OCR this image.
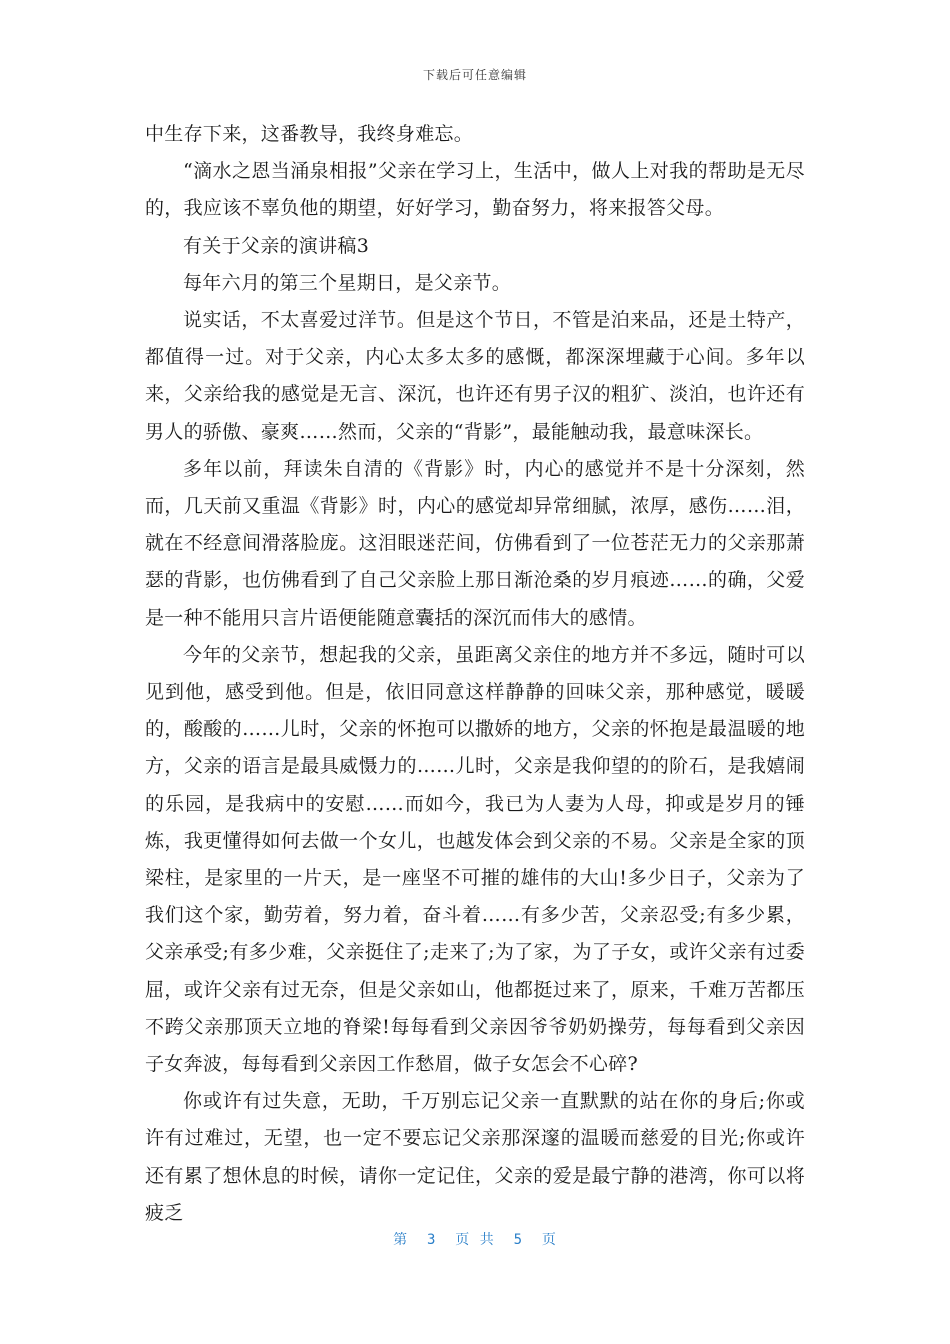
下载后可任意编辑

中生存下来，这番教导，我终身难忘。

“滴水之恩当涌泉相报”父亲在学习上，生活中，做人上对我的帮助是无尽的，我应该不辜负他的期望，好好学习，勤奋努力，将来报答父母。

有关于父亲的演讲稿3

每年六月的第三个星期日，是父亲节。

说实话，不太喜爱过洋节。但是这个节日，不管是泊来品，还是土特产，都值得一过。对于父亲，内心太多太多的感慨，都深深埋藏于心间。多年以来，父亲给我的感觉是无言、深沉，也许还有男子汉的粗犷、淡泊，也许还有男人的骄傲、豪爽……然而，父亲的“背影”，最能触动我，最意味深长。

多年以前，拜读朱自清的《背影》时，内心的感觉并不是十分深刻，然而，几天前又重温《背影》时，内心的感觉却异常细腻，浓厚，感伤……泪，就在不经意间滑落脸庞。这泪眼迷茫间，仿佛看到了一位苍茫无力的父亲那萧瑟的背影，也仿佛看到了自己父亲脸上那日渐沧桑的岁月痕迹……的确，父爱是一种不能用只言片语便能随意囊括的深沉而伟大的感情。

今年的父亲节，想起我的父亲，虽距离父亲住的地方并不多远，随时可以见到他，感受到他。但是，依旧同意这样静静的回味父亲，那种感觉，暖暖的，酸酸的……儿时，父亲的怀抱可以撒娇的地方，父亲的怀抱是最温暖的地方，父亲的语言是最具威慑力的……儿时，父亲是我仰望的的阶石，是我嬉闹的乐园，是我病中的安慰……而如今，我已为人妻为人母，抑或是岁月的锤炼，我更懂得如何去做一个女儿，也越发体会到父亲的不易。父亲是全家的顶梁柱，是家里的一片天，是一座坚不可摧的雄伟的大山!多少日子，父亲为了我们这个家，勤劳着，努力着，奋斗着……有多少苦，父亲忍受;有多少累，父亲承受;有多少难，父亲挺住了;走来了;为了家，为了子女，或许父亲有过委屈，或许父亲有过无奈，但是父亲如山，他都挺过来了，原来，千难万苦都压不跨父亲那顶天立地的脊梁!每每看到父亲因爷爷奶奶操劳，每每看到父亲因子女奔波，每每看到父亲因工作愁眉，做子女怎会不心碎?

你或许有过失意，无助，千万别忘记父亲一直默默的站在你的身后;你或许有过难过，无望，也一定不要忘记父亲那深邃的温暖而慈爱的目光;你或许还有累了想休息的时候，请你一定记住，父亲的爱是最宁静的港湾，你可以将疲乏

第  3  页 共  5  页
